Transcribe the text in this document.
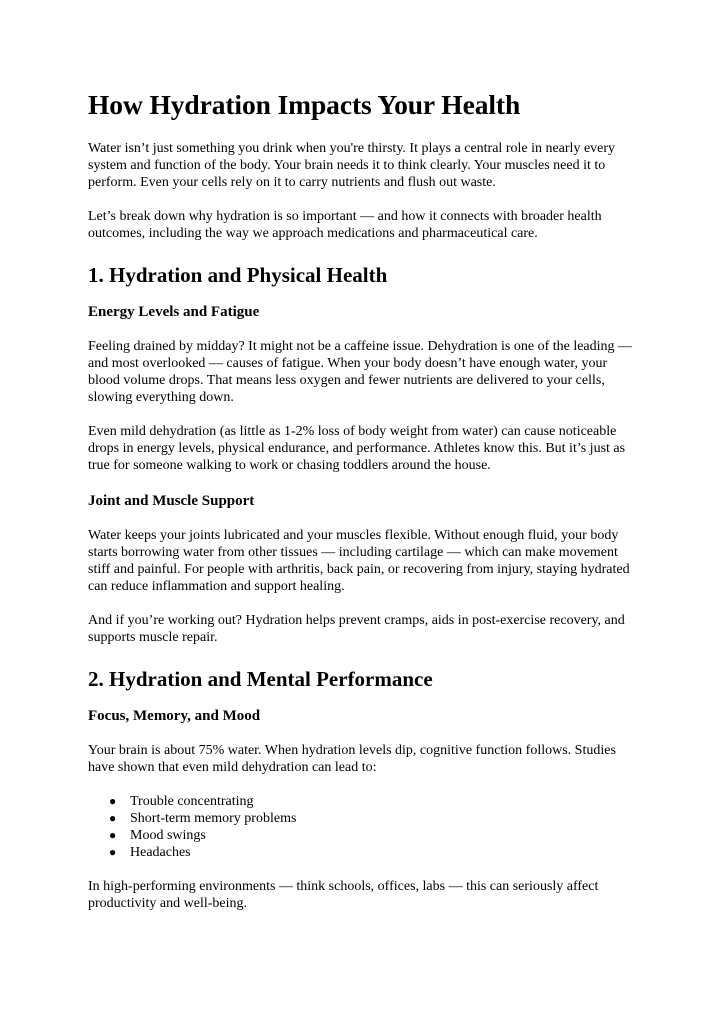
How Hydration Impacts Your Health

Water isn’t just something you drink when you're thirsty. It plays a central role in nearly every system and function of the body. Your brain needs it to think clearly. Your muscles need it to perform. Even your cells rely on it to carry nutrients and flush out waste.

Let’s break down why hydration is so important — and how it connects with broader health outcomes, including the way we approach medications and pharmaceutical care.

1. Hydration and Physical Health
Energy Levels and Fatigue

Feeling drained by midday? It might not be a caffeine issue. Dehydration is one of the leading — and most overlooked — causes of fatigue. When your body doesn’t have enough water, your blood volume drops. That means less oxygen and fewer nutrients are delivered to your cells, slowing everything down.

Even mild dehydration (as little as 1-2% loss of body weight from water) can cause noticeable drops in energy levels, physical endurance, and performance. Athletes know this. But it’s just as true for someone walking to work or chasing toddlers around the house.

Joint and Muscle Support

Water keeps your joints lubricated and your muscles flexible. Without enough fluid, your body starts borrowing water from other tissues — including cartilage — which can make movement stiff and painful. For people with arthritis, back pain, or recovering from injury, staying hydrated can reduce inflammation and support healing.

And if you’re working out? Hydration helps prevent cramps, aids in post-exercise recovery, and supports muscle repair.

2. Hydration and Mental Performance
Focus, Memory, and Mood

Your brain is about 75% water. When hydration levels dip, cognitive function follows. Studies have shown that even mild dehydration can lead to:

● Trouble concentrating
● Short-term memory problems
● Mood swings
● Headaches

In high-performing environments — think schools, offices, labs — this can seriously affect productivity and well-being.
